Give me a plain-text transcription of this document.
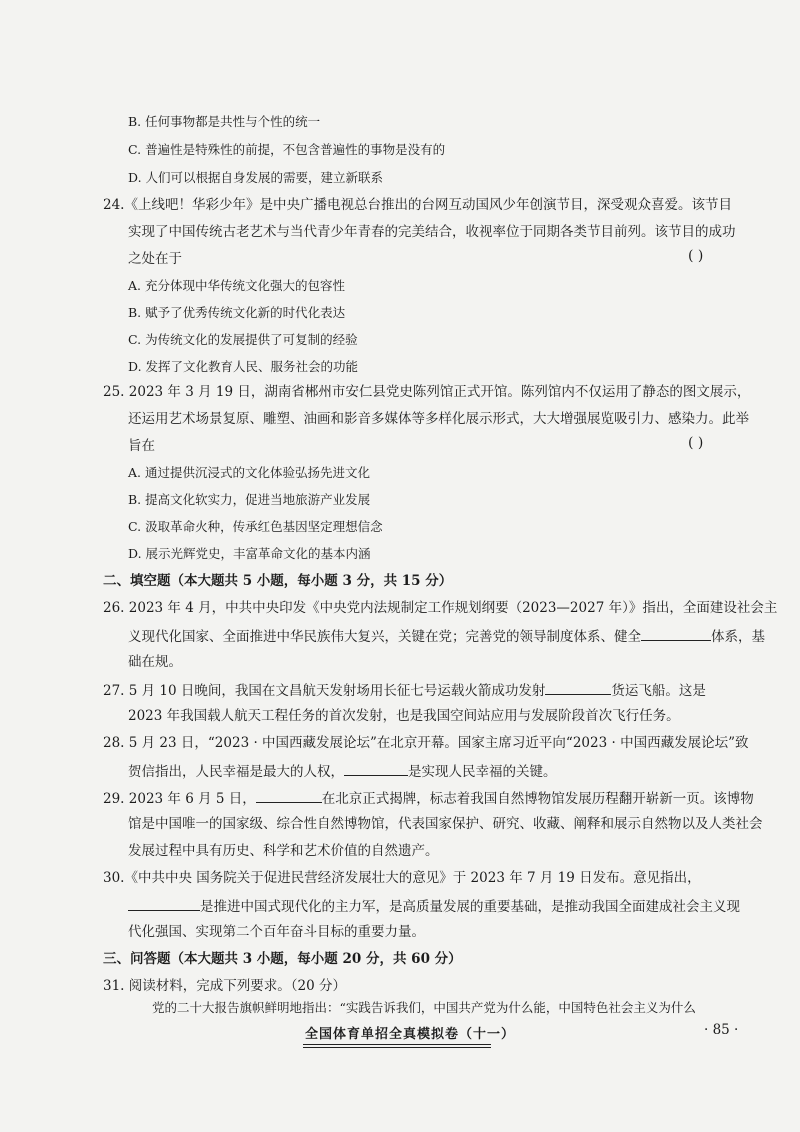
B. 任何事物都是共性与个性的统一
C. 普遍性是特殊性的前提，不包含普遍性的事物是没有的
D. 人们可以根据自身发展的需要，建立新联系
24.《上线吧！华彩少年》是中央广播电视总台推出的台网互动国风少年创演节目，深受观众喜爱。该节目
实现了中国传统古老艺术与当代青少年青春的完美结合，收视率位于同期各类节目前列。该节目的成功
之处在于	( )
A. 充分体现中华传统文化强大的包容性
B. 赋予了优秀传统文化新的时代化表达
C. 为传统文化的发展提供了可复制的经验
D. 发挥了文化教育人民、服务社会的功能
25. 2023 年 3 月 19 日，湖南省郴州市安仁县党史陈列馆正式开馆。陈列馆内不仅运用了静态的图文展示，
还运用艺术场景复原、雕塑、油画和影音多媒体等多样化展示形式，大大增强展览吸引力、感染力。此举
旨在	( )
A. 通过提供沉浸式的文化体验弘扬先进文化
B. 提高文化软实力，促进当地旅游产业发展
C. 汲取革命火种，传承红色基因坚定理想信念
D. 展示光辉党史，丰富革命文化的基本内涵
二、填空题（本大题共 5 小题，每小题 3 分，共 15 分）
26. 2023 年 4 月，中共中央印发《中央党内法规制定工作规划纲要（2023—2027 年）》指出，全面建设社会主
义现代化国家、全面推进中华民族伟大复兴，关键在党；完善党的领导制度体系、健全	体系，基
础在规。
27. 5 月 10 日晚间，我国在文昌航天发射场用长征七号运载火箭成功发射	货运飞船。这是
2023 年我国载人航天工程任务的首次发射，也是我国空间站应用与发展阶段首次飞行任务。
28. 5 月 23 日，“2023 · 中国西藏发展论坛”在北京开幕。国家主席习近平向“2023 · 中国西藏发展论坛”致
贺信指出，人民幸福是最大的人权，	是实现人民幸福的关键。
29. 2023 年 6 月 5 日，	在北京正式揭牌，标志着我国自然博物馆发展历程翻开崭新一页。该博物
馆是中国唯一的国家级、综合性自然博物馆，代表国家保护、研究、收藏、阐释和展示自然物以及人类社会
发展过程中具有历史、科学和艺术价值的自然遗产。
30.《中共中央 国务院关于促进民营经济发展壮大的意见》于 2023 年 7 月 19 日发布。意见指出，
是推进中国式现代化的主力军，是高质量发展的重要基础，是推动我国全面建成社会主义现
代化强国、实现第二个百年奋斗目标的重要力量。
三、问答题（本大题共 3 小题，每小题 20 分，共 60 分）
31. 阅读材料，完成下列要求。（20 分）
党的二十大报告旗帜鲜明地指出：“实践告诉我们，中国共产党为什么能，中国特色社会主义为什么
全国体育单招全真模拟卷（十一）	· 85 ·
